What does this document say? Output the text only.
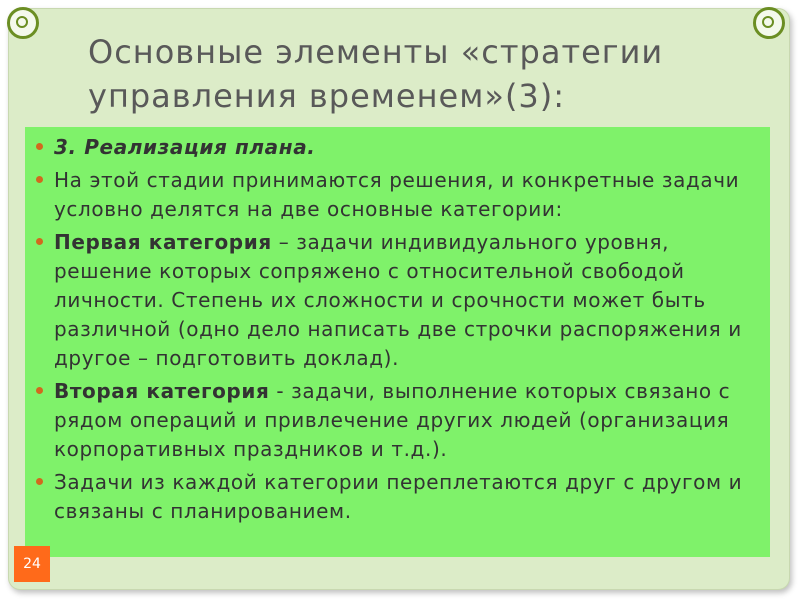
Основные элементы «стратегии управления временем»(3):
3. Реализация плана.
На этой стадии принимаются решения, и конкретные задачи условно делятся на две основные категории:
Первая категория – задачи индивидуального уровня, решение которых сопряжено с относительной свободой личности. Степень их сложности и срочности может быть различной (одно дело написать две строчки распоряжения и другое – подготовить доклад).
Вторая категория - задачи, выполнение которых связано с рядом операций и привлечение других людей (организация корпоративных праздников и т.д.).
Задачи из каждой категории переплетаются друг с другом и связаны с планированием.
24
